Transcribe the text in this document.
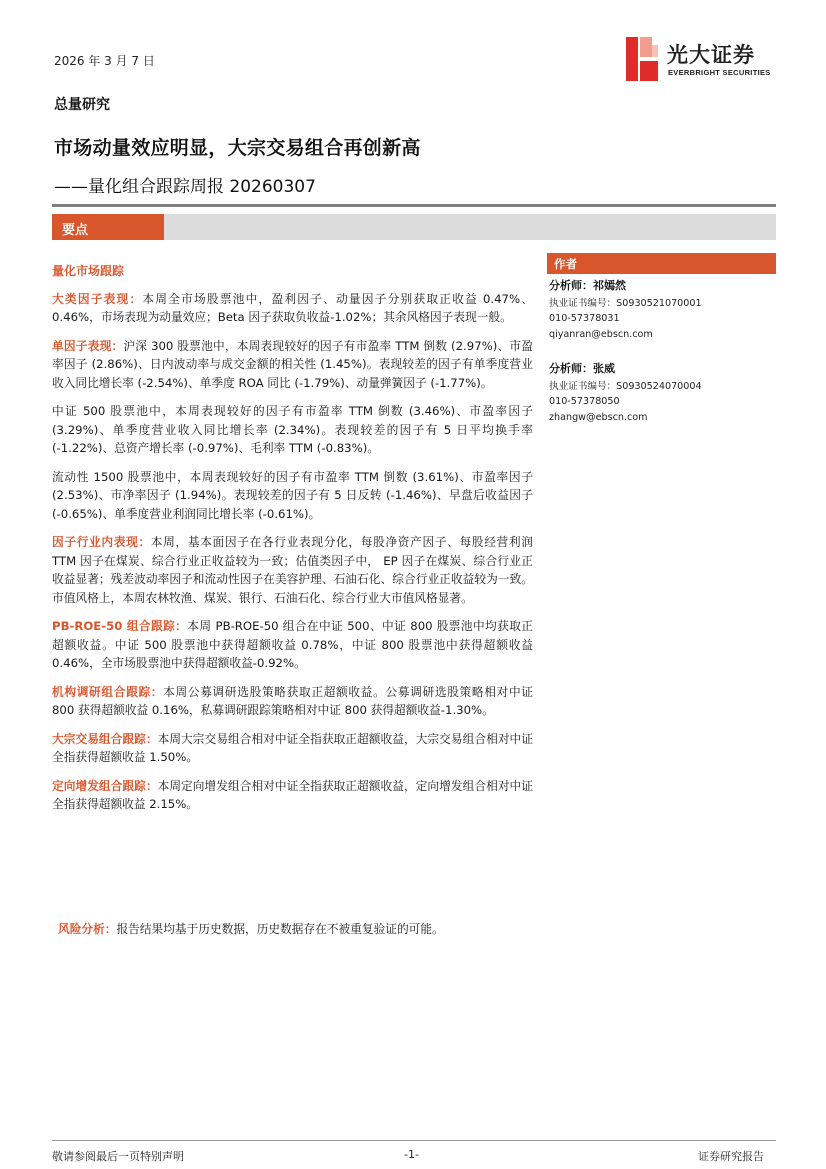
2026 年 3 月 7 日	光大证券
EVERBRIGHT SECURITIES
总量研究
市场动量效应明显，大宗交易组合再创新高
——量化组合跟踪周报 20260307
要点
量化市场跟踪

大类因子表现：本周全市场股票池中，盈利因子、动量因子分别获取正收益 0.47%、0.46%，市场表现为动量效应；Beta 因子获取负收益-1.02%；其余风格因子表现一般。

单因子表现：沪深 300 股票池中，本周表现较好的因子有市盈率 TTM 倒数 (2.97%)、市盈率因子 (2.86%)、日内波动率与成交金额的相关性 (1.45%)。表现较差的因子有单季度营业收入同比增长率 (-2.54%)、单季度 ROA 同比 (-1.79%)、动量弹簧因子 (-1.77%)。

中证 500 股票池中，本周表现较好的因子有市盈率 TTM 倒数 (3.46%)、市盈率因子 (3.29%)、单季度营业收入同比增长率 (2.34%)。表现较差的因子有 5 日平均换手率 (-1.22%)、总资产增长率 (-0.97%)、毛利率 TTM (-0.83%)。

流动性 1500 股票池中，本周表现较好的因子有市盈率 TTM 倒数 (3.61%)、市盈率因子 (2.53%)、市净率因子 (1.94%)。表现较差的因子有 5 日反转 (-1.46%)、早盘后收益因子 (-0.65%)、单季度营业利润同比增长率 (-0.61%)。

因子行业内表现：本周，基本面因子在各行业表现分化，每股净资产因子、每股经营利润 TTM 因子在煤炭、综合行业正收益较为一致；估值类因子中， EP 因子在煤炭、综合行业正收益显著；残差波动率因子和流动性因子在美容护理、石油石化、综合行业正收益较为一致。市值风格上，本周农林牧渔、煤炭、银行、石油石化、综合行业大市值风格显著。

PB-ROE-50 组合跟踪：本周 PB-ROE-50 组合在中证 500、中证 800 股票池中均获取正超额收益。中证 500 股票池中获得超额收益 0.78%，中证 800 股票池中获得超额收益 0.46%，全市场股票池中获得超额收益-0.92%。

机构调研组合跟踪：本周公募调研选股策略获取正超额收益。公募调研选股策略相对中证 800 获得超额收益 0.16%，私募调研跟踪策略相对中证 800 获得超额收益-1.30%。

大宗交易组合跟踪：本周大宗交易组合相对中证全指获取正超额收益，大宗交易组合相对中证全指获得超额收益 1.50%。

定向增发组合跟踪：本周定向增发组合相对中证全指获取正超额收益，定向增发组合相对中证全指获得超额收益 2.15%。

风险分析：报告结果均基于历史数据，历史数据存在不被重复验证的可能。
作者
分析师：祁嫣然
执业证书编号：S0930521070001
010-57378031
qiyanran@ebscn.com
分析师：张威
执业证书编号：S0930524070004
010-57378050
zhangw@ebscn.com
敬请参阅最后一页特别声明	-1-	证券研究报告
